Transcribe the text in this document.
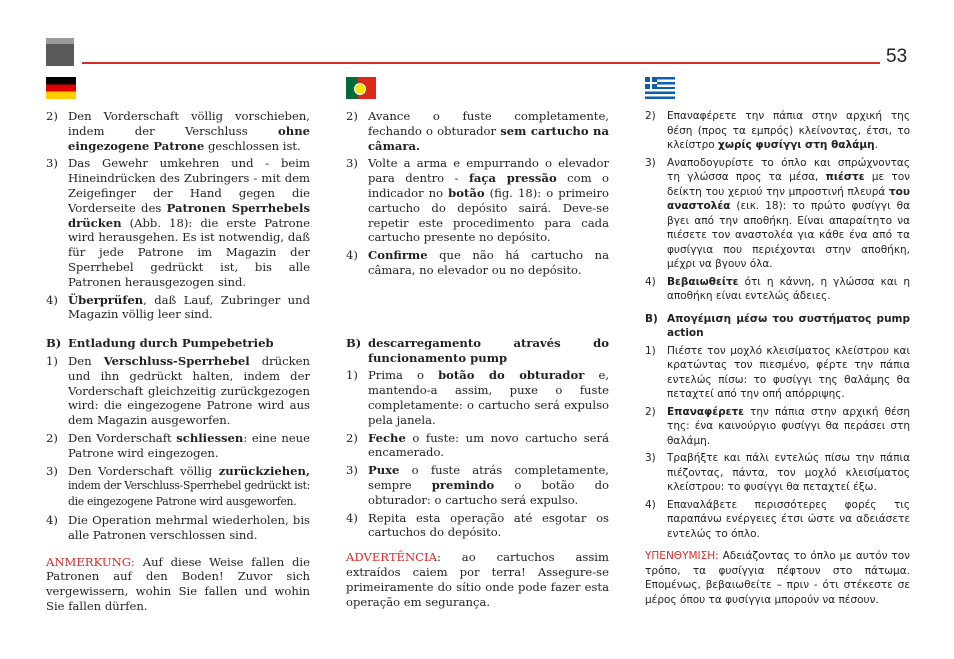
53
2) Den Vorderschaft völlig vorschieben, indem der Verschluss ohne eingezogene Patrone geschlossen ist.
3) Das Gewehr umkehren und - beim Hineindrücken des Zubringers - mit dem Zeigefinger der Hand gegen die Vorderseite des Patronen Sperrhebels drücken (Abb. 18): die erste Patrone wird herausgehen. Es ist notwendig, daß für jede Patrone im Magazin der Sperrhebel gedrückt ist, bis alle Patronen herausgezogen sind.
4) Überprüfen, daß Lauf, Zubringer und Magazin völlig leer sind.
B) Entladung durch Pumpebetrieb
1) Den Verschluss-Sperrhebel drücken und ihn gedrückt halten, indem der Vorderschaft gleichzeitig zurückgezogen wird: die eingezogene Patrone wird aus dem Magazin ausgeworfen.
2) Den Vorderschaft schliessen: eine neue Patrone wird eingezogen.
3) Den Vorderschaft völlig zurückziehen, indem der Verschluss-Sperrhebel gedrückt ist: die eingezogene Patrone wird ausgeworfen.
4) Die Operation mehrmal wiederholen, bis alle Patronen verschlossen sind.
ANMERKUNG: Auf diese Weise fallen die Patronen auf den Boden! Zuvor sich vergewissern, wohin Sie fallen und wohin Sie fallen dürfen.
2) Avance o fuste completamente, fechando o obturador sem cartucho na câmara.
3) Volte a arma e empurrando o elevador para dentro - faça pressão com o indicador no botão (fig. 18): o primeiro cartucho do depósito sairá. Deve-se repetir este procedimento para cada cartucho presente no depósito.
4) Confirme que não há cartucho na câmara, no elevador ou no depósito.
B) descarregamento através do funcionamento pump
1) Prima o botão do obturador e, mantendo-a assim, puxe o fuste completamente: o cartucho será expulso pela janela.
2) Feche o fuste: um novo cartucho será encamerado.
3) Puxe o fuste atrás completamente, sempre premindo o botão do obturador: o cartucho será expulso.
4) Repita esta operação até esgotar os cartuchos do depósito.
ADVERTÊNCIA: ao cartuchos assim extraídos caiem por terra! Assegure-se primeiramente do sítio onde pode fazer esta operação em segurança.
2)	Επαναφέρετε την πάπια στην αρχική της θέση (προς τα εμπρός) κλείνοντας, έτσι, το κλείστρο χωρίς φυσίγγι στη θαλάμη.
3)	Αναποδογυρίστε το όπλο και σπρώχνοντας τη γλώσσα προς τα μέσα, πιέστε με τον δείκτη του χεριού την μπροστινή πλευρά του αναστολέα (εικ. 18): το πρώτο φυσίγγι θα βγει από την αποθήκη. Είναι απαραίτητο να πιέσετε τον αναστολέα για κάθε ένα από τα φυσίγγια που περιέχονται στην αποθήκη, μέχρι να βγουν όλα.
4)	Βεβαιωθείτε ότι η κάννη, η γλώσσα και η αποθήκη είναι εντελώς άδειες.
B) Απογέμιση μέσω του συστήματος pump action
1)	Πιέστε τον μοχλό κλεισίματος κλείστρου και κρατώντας τον πιεσμένο, φέρτε την πάπια εντελώς πίσω: το φυσίγγι της θαλάμης θα πεταχτεί από την οπή απόρριψης.
2)	Επαναφέρετε την πάπια στην αρχική θέση της: ένα καινούργιο φυσίγγι θα περάσει στη θαλάμη.
3)	Τραβήξτε και πάλι εντελώς πίσω την πάπια πιέζοντας, πάντα, τον μοχλό κλεισίματος κλείστρου: το φυσίγγι θα πεταχτεί έξω.
4)	Επαναλάβετε περισσότερες φορές τις παραπάνω ενέργειες έτσι ώστε να αδειάσετε εντελώς το όπλο.
ΥΠΕΝΘΥΜΙΣΗ: Αδειάζοντας το όπλο με αυτόν τον τρόπο, τα φυσίγγια πέφτουν στο πάτωμα. Επομένως, βεβαιωθείτε – πριν - ότι στέκεστε σε μέρος όπου τα φυσίγγια μπορούν να πέσουν.
